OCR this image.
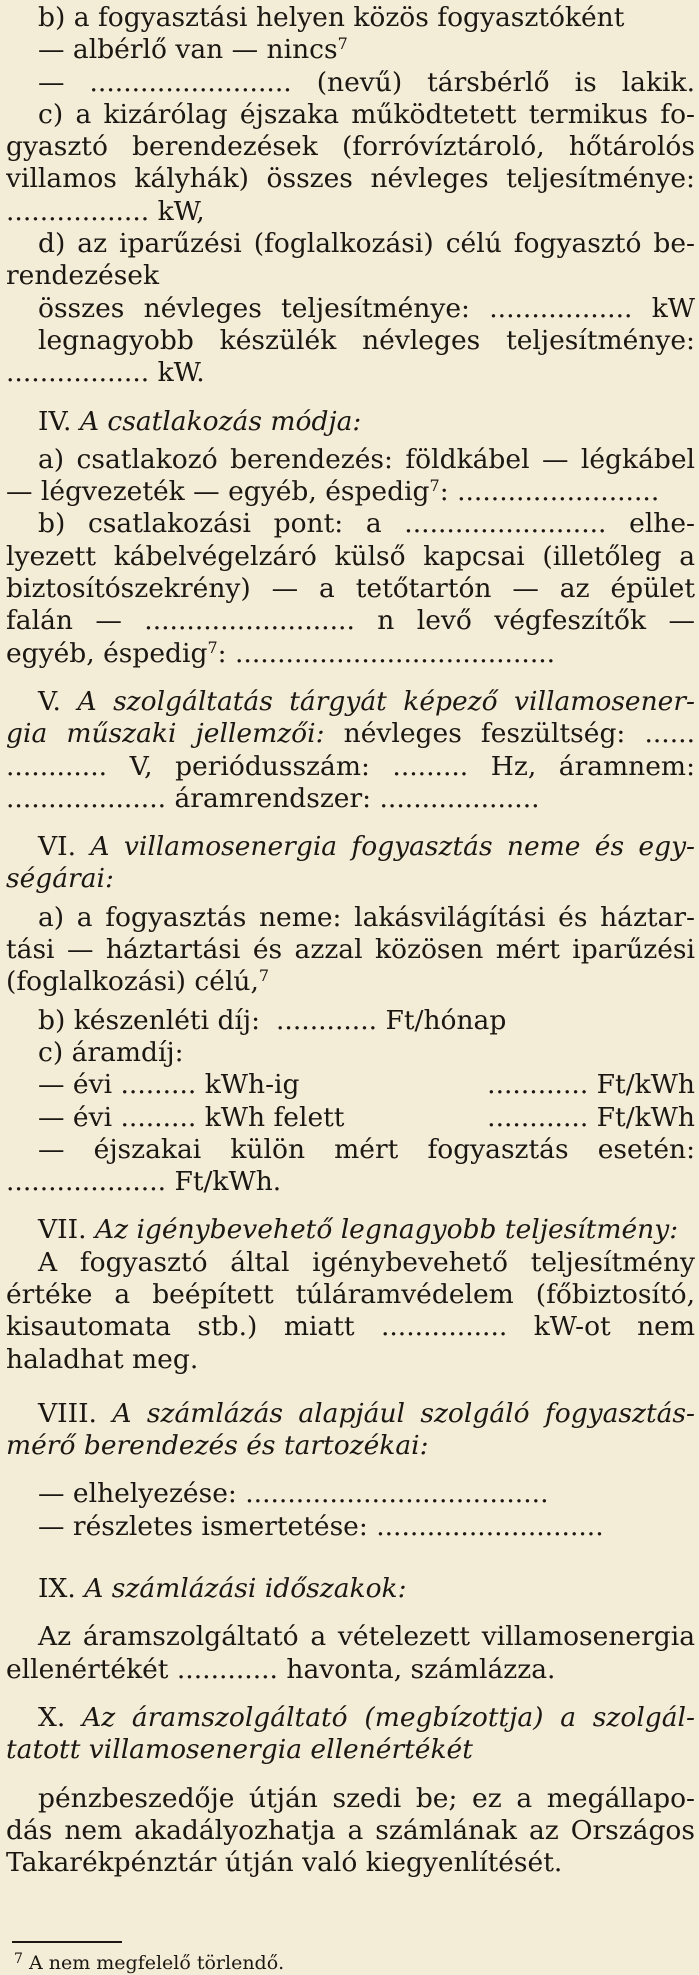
b) a fogyasztási helyen közös fogyasztóként
— albérlő van — nincs$^7$
— ........................ (nevű) társbérlő is lakik.
c) a kizárólag éjszaka működtetett termikus fo-
gyasztó berendezések (forróvíztároló, hőtárolós
villamos kályhák) összes névleges teljesítménye:
................. kW,
d) az iparűzési (foglalkozási) célú fogyasztó be-
rendezések
összes névleges teljesítménye: ................. kW
legnagyobb készülék névleges teljesítménye:
................. kW.
IV. A csatlakozás módja:
a) csatlakozó berendezés: földkábel — légkábel
— légvezeték — egyéb, éspedig$^7$: ........................
b) csatlakozási pont: a ........................ elhe-
lyezett kábelvégelzáró külső kapcsai (illetőleg a
biztosítószekrény) — a tetőtartón — az épület
falán — ......................... n levő végfeszítők —
egyéb, éspedig$^7$: ......................................
V. A szolgáltatás tárgyát képező villamosener-
gia műszaki jellemzői: névleges feszültség: ......
............ V, periódusszám: ......... Hz, áramnem:
................... áramrendszer: ...................
VI. A villamosenergia fogyasztás neme és egy-
ségárai:
a) a fogyasztás neme: lakásvilágítási és háztar-
tási — háztartási és azzal közösen mért iparűzési
(foglalkozási) célú,$^7$
b) készenléti díj: ............ Ft/hónap
c) áramdíj:
— évi ......... kWh-ig	............ Ft/kWh
— évi ......... kWh felett	............ Ft/kWh
— éjszakai külön mért fogyasztás esetén:
................... Ft/kWh.
VII. Az igénybevehető legnagyobb teljesítmény:
A fogyasztó által igénybevehető teljesítmény
értéke a beépített túláramvédelem (főbiztosító,
kisautomata stb.) miatt ............... kW-ot nem
haladhat meg.
VIII. A számlázás alapjául szolgáló fogyasztás-
mérő berendezés és tartozékai:
— elhelyezése: ....................................
— részletes ismertetése: ...........................
IX. A számlázási időszakok:
Az áramszolgáltató a vételezett villamosenergia
ellenértékét ............ havonta, számlázza.
X. Az áramszolgáltató (megbízottja) a szolgál-
tatott villamosenergia ellenértékét
pénzbeszedője útján szedi be; ez a megállapo-
dás nem akadályozhatja a számlának az Országos
Takarékpénztár útján való kiegyenlítését.
$^7$ A nem megfelelő törlendő.
